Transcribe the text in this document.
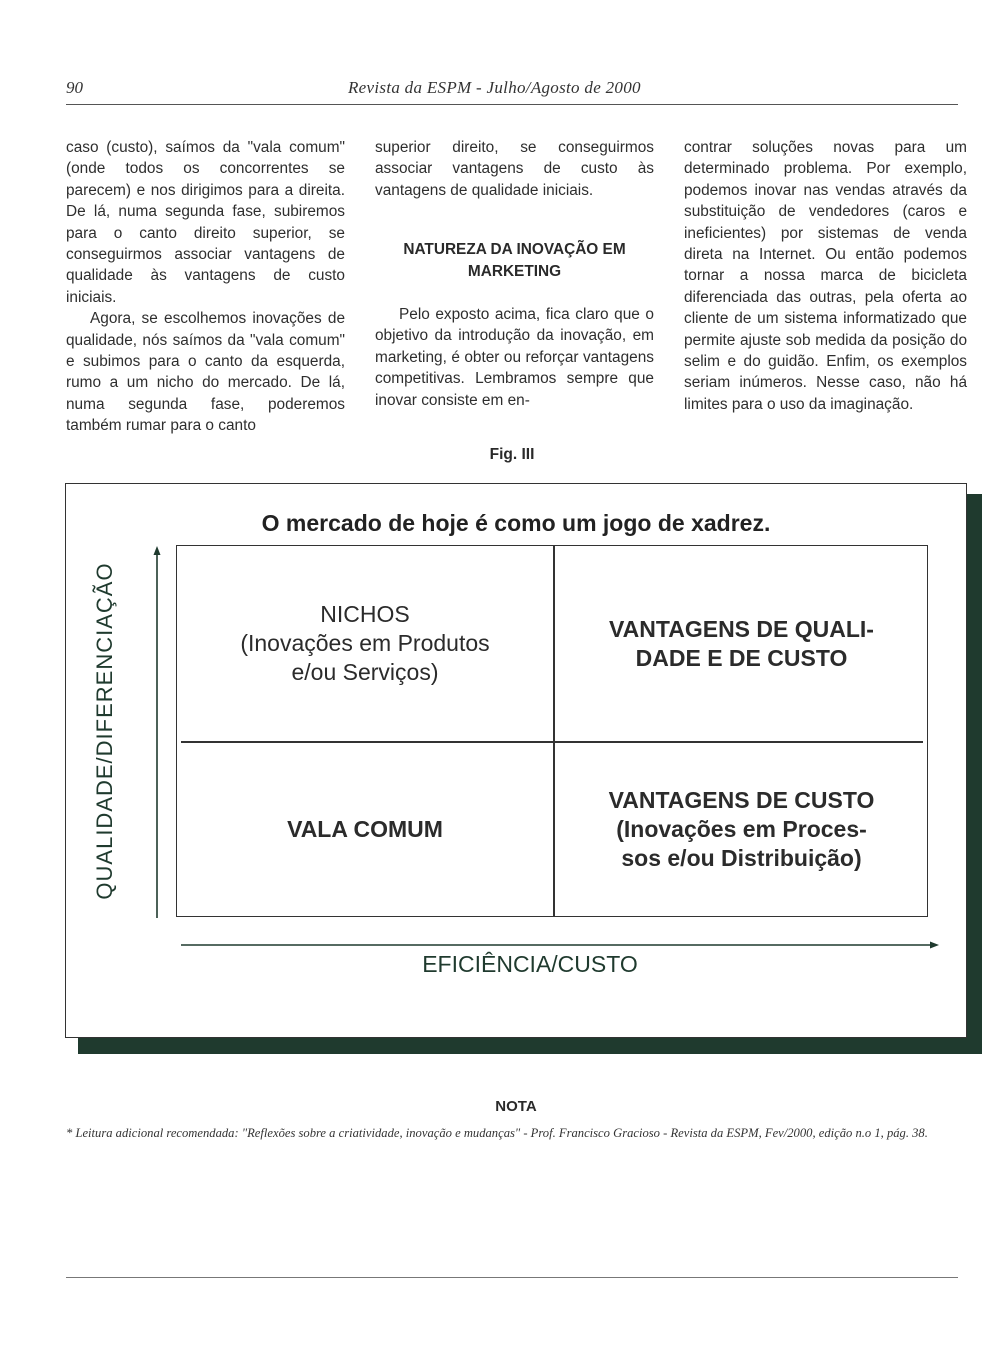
90	Revista da ESPM - Julho/Agosto de 2000

caso (custo), saímos da "vala comum" (onde todos os concorrentes se parecem) e nos dirigimos para a direita. De lá, numa segunda fase, subiremos para o canto direito superior, se conseguirmos associar vantagens de qualidade às vantagens de custo iniciais.

Agora, se escolhemos inovações de qualidade, nós saímos da "vala comum" e subimos para o canto da esquerda, rumo a um nicho do mercado. De lá, numa segunda fase, poderemos também rumar para o canto

superior direito, se conseguirmos associar vantagens de custo às vantagens de qualidade iniciais.

NATUREZA DA INOVAÇÃO EM MARKETING

Pelo exposto acima, fica claro que o objetivo da introdução da inovação, em marketing, é obter ou reforçar vantagens competitivas. Lembramos sempre que inovar consiste em en-

contrar soluções novas para um determinado problema. Por exemplo, podemos inovar nas vendas através da substituição de vendedores (caros e ineficientes) por sistemas de venda direta na Internet. Ou então podemos tornar a nossa marca de bicicleta diferenciada das outras, pela oferta ao cliente de um sistema informatizado que permite ajuste sob medida da posição do selim e do guidão. Enfim, os exemplos seriam inúmeros. Nesse caso, não há limites para o uso da imaginação.

Fig. III
O mercado de hoje é como um jogo de xadrez.
QUALIDADE/DIFERENCIAÇÃO	NICHOS
(Inovações em Produtos
e/ou Serviços)
VANTAGENS DE QUALI-
DADE E DE CUSTO
VALA COMUM
VANTAGENS DE CUSTO
(Inovações em Proces-
sos e/ou Distribuição)
EFICIÊNCIA/CUSTO
NOTA
* Leitura adicional recomendada: "Reflexões sobre a criatividade, inovação e mudanças" - Prof. Francisco Gracioso - Revista da ESPM, Fev/2000, edição n.o 1, pág. 38.
